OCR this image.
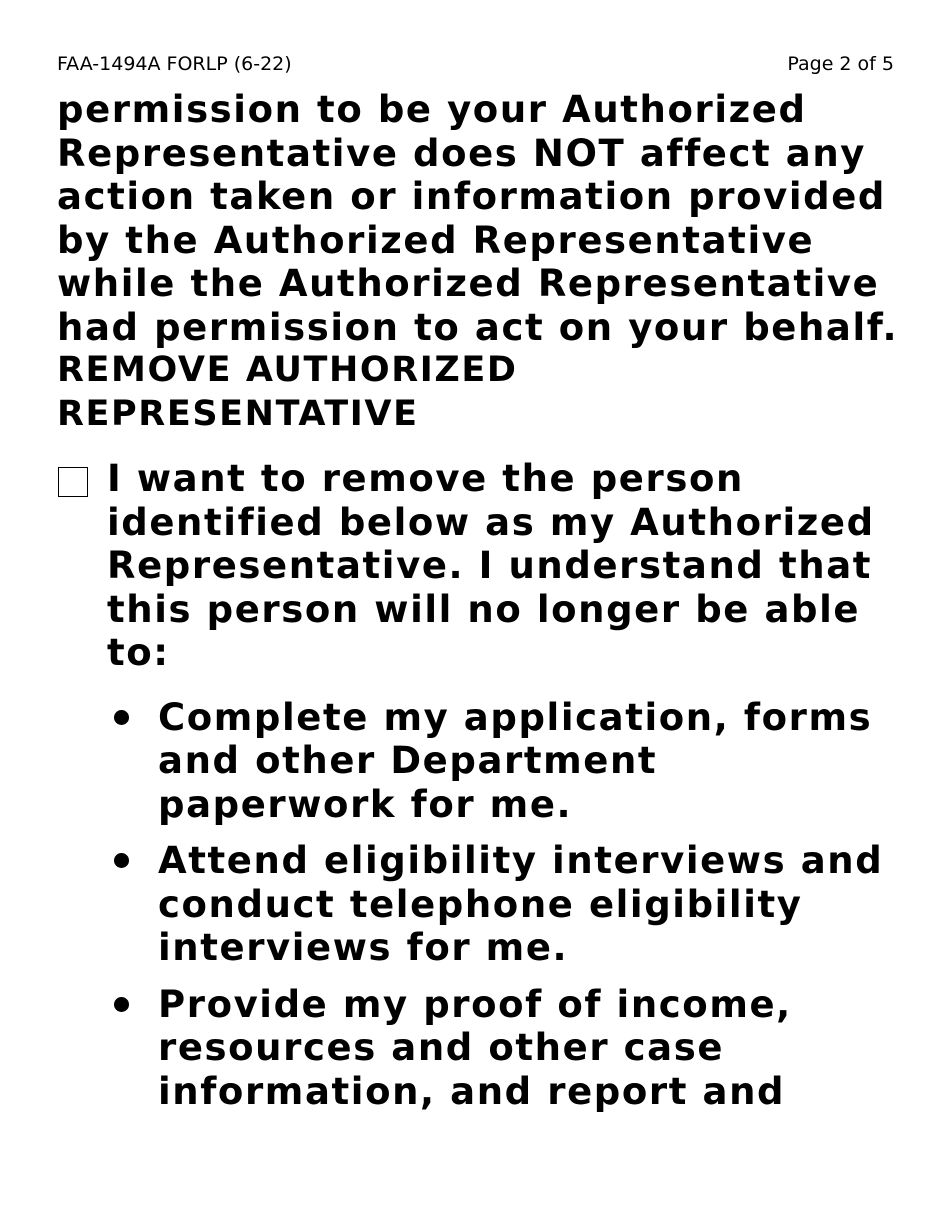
FAA-1494A FORLP (6-22)	Page 2 of 5

permission to be your Authorized Representative does NOT affect any action taken or information provided by the Authorized Representative while the Authorized Representative had permission to act on your behalf.

REMOVE AUTHORIZED REPRESENTATIVE

I want to remove the person identified below as my Authorized Representative. I understand that this person will no longer be able to:
Complete my application, forms and other Department paperwork for me.
Attend eligibility interviews and conduct telephone eligibility interviews for me.
Provide my proof of income, resources and other case information, and report and
